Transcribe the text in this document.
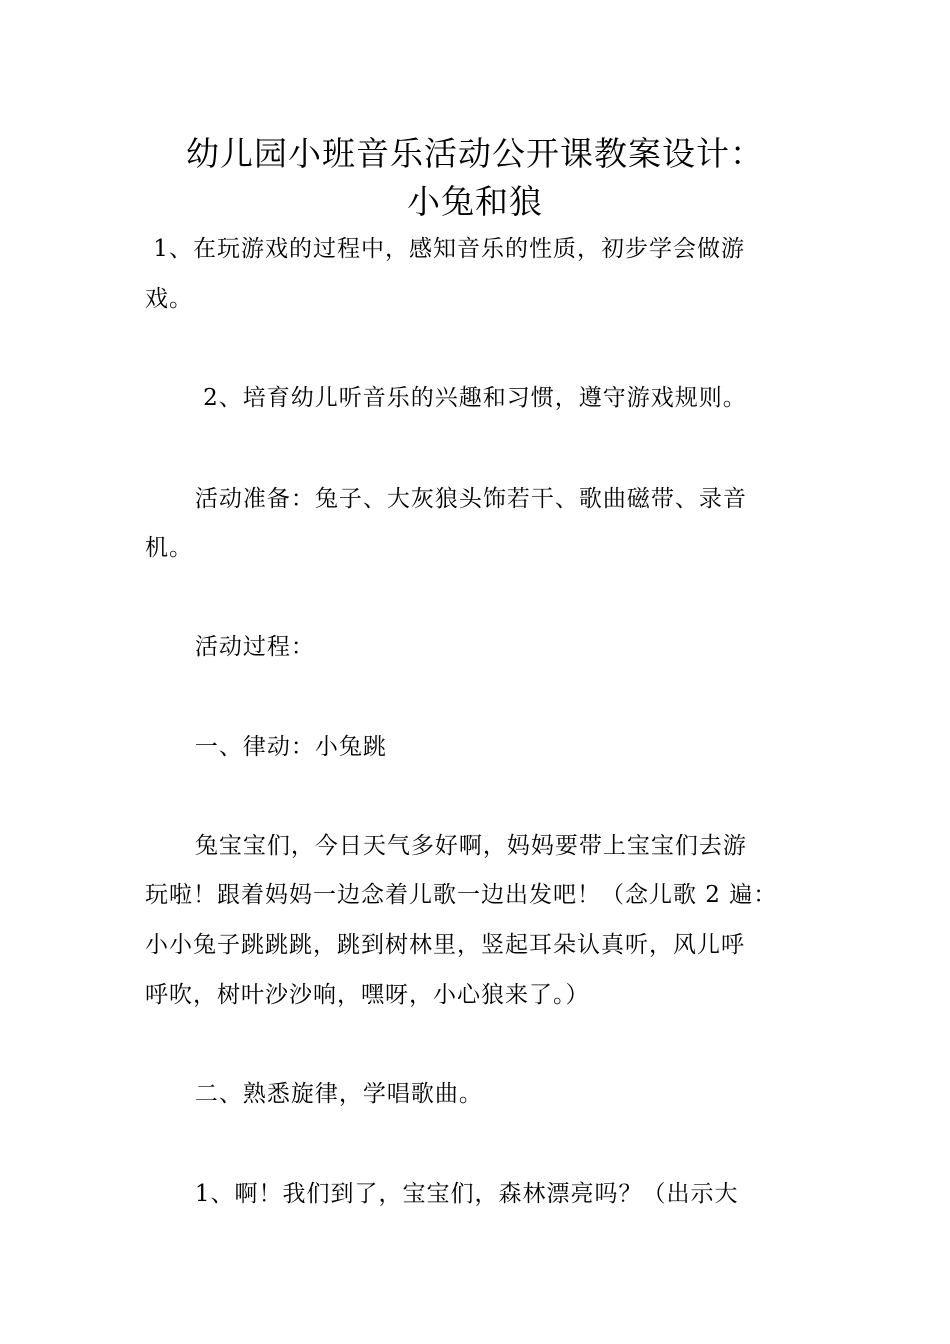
幼儿园小班音乐活动公开课教案设计：
小兔和狼
1、在玩游戏的过程中，感知音乐的性质，初步学会做游
戏。
2、培育幼儿听音乐的兴趣和习惯，遵守游戏规则。
活动准备：兔子、大灰狼头饰若干、歌曲磁带、录音
机。
活动过程：
一、律动：小兔跳
兔宝宝们，今日天气多好啊，妈妈要带上宝宝们去游
玩啦！跟着妈妈一边念着儿歌一边出发吧！（念儿歌 2 遍：
小小兔子跳跳跳，跳到树林里，竖起耳朵认真听，风儿呼
呼吹，树叶沙沙响，嘿呀，小心狼来了。）
二、熟悉旋律，学唱歌曲。
1、啊！我们到了，宝宝们，森林漂亮吗？（出示大
